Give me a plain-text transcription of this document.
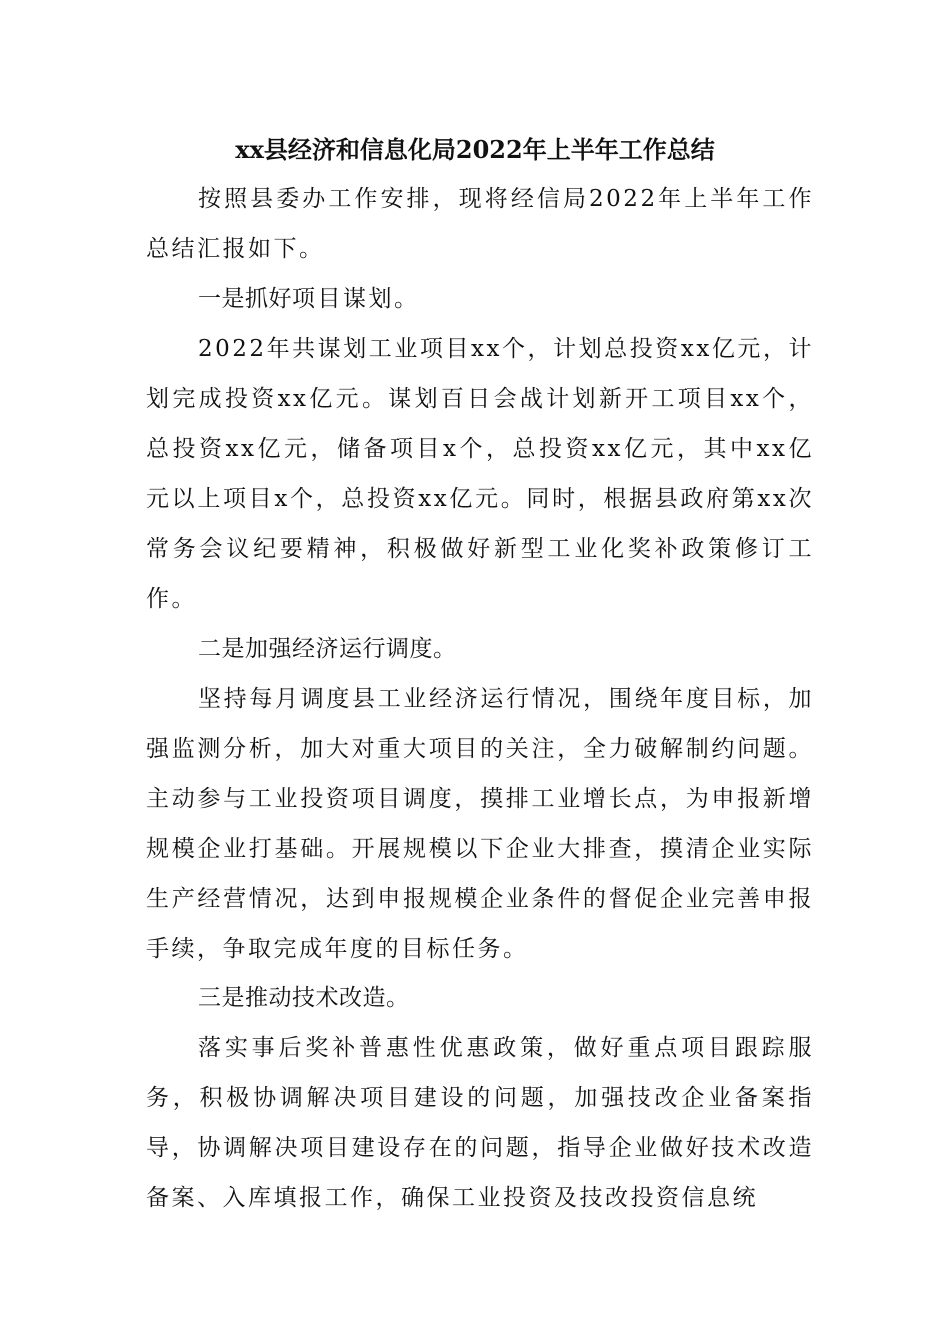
xx县经济和信息化局2022年上半年工作总结

按照县委办工作安排，现将经信局2022年上半年工作总结汇报如下。

一是抓好项目谋划。

2022年共谋划工业项目xx个，计划总投资xx亿元，计划完成投资xx亿元。谋划百日会战计划新开工项目xx个，总投资xx亿元，储备项目x个，总投资xx亿元，其中xx亿元以上项目x个，总投资xx亿元。同时，根据县政府第xx次常务会议纪要精神，积极做好新型工业化奖补政策修订工作。

二是加强经济运行调度。

坚持每月调度县工业经济运行情况，围绕年度目标，加强监测分析，加大对重大项目的关注，全力破解制约问题。主动参与工业投资项目调度，摸排工业增长点，为申报新增规模企业打基础。开展规模以下企业大排查，摸清企业实际生产经营情况，达到申报规模企业条件的督促企业完善申报手续，争取完成年度的目标任务。

三是推动技术改造。

落实事后奖补普惠性优惠政策，做好重点项目跟踪服务，积极协调解决项目建设的问题，加强技改企业备案指导，协调解决项目建设存在的问题，指导企业做好技术改造备案、入库填报工作，确保工业投资及技改投资信息统
